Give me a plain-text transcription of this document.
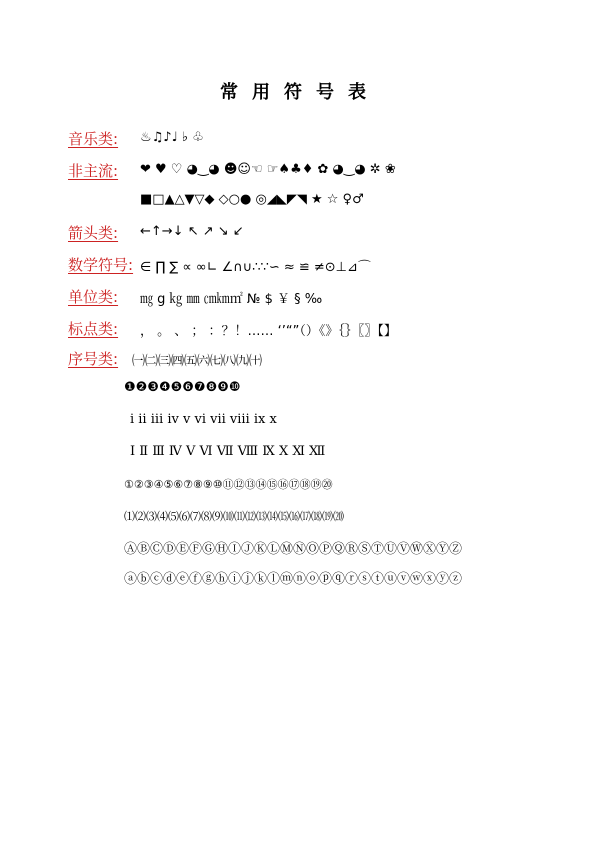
常用符号表
音乐类: ♨♫♪♩ ♭ ♧
非主流: ❤ ♥ ♡ ◕‿◕ ☻☺☜ ☞♠♣♦ ✿ ◕‿◕ ✲ ❀
■□▲△▼▽◆ ◇○● ◎◢◣◤◥ ★ ☆ ♀♂
箭头类: ←↑→↓ ↖ ↗ ↘ ↙
数学符号: ∈ ∏ ∑ ∝ ∞∟ ∠∩∪∴∵∽ ≈ ≌ ≠⊙⊥⊿⌒
单位类: ㎎ g ㎏ ㎜ ㎝㎞㎡ № $ ￥ § ‰
标点类: ， 。 、 ； ：？！…… ‘’“”（）《》｛｝〖〗【】
序号类: ㈠㈡㈢㈣㈤㈥㈦㈧㈨㈩
❶❷❸❹❺❻❼❽❾❿
ⅰ ⅱ ⅲ ⅳ ⅴ ⅵ ⅶ ⅷ ⅸ ⅹ
Ⅰ Ⅱ Ⅲ Ⅳ Ⅴ Ⅵ Ⅶ Ⅷ Ⅸ Ⅹ Ⅺ Ⅻ
①②③④⑤⑥⑦⑧⑨⑩⑪⑫⑬⑭⑮⑯⑰⑱⑲⑳
⑴⑵⑶⑷⑸⑹⑺⑻⑼⑽⑾⑿⒀⒁⒂⒃⒄⒅⒆⒇
ⒶⒷⒸⒹⒺⒻⒼⒽⒾⒿⓀⓁⓂⓃⓄⓅⓆⓇⓈⓉⓊⓋⓌⓍⓎⓏ
ⓐⓑⓒⓓⓔⓕⓖⓗⓘⓙⓚⓛⓜⓝⓞⓟⓠⓡⓢⓣⓤⓥⓦⓧⓨⓩ
